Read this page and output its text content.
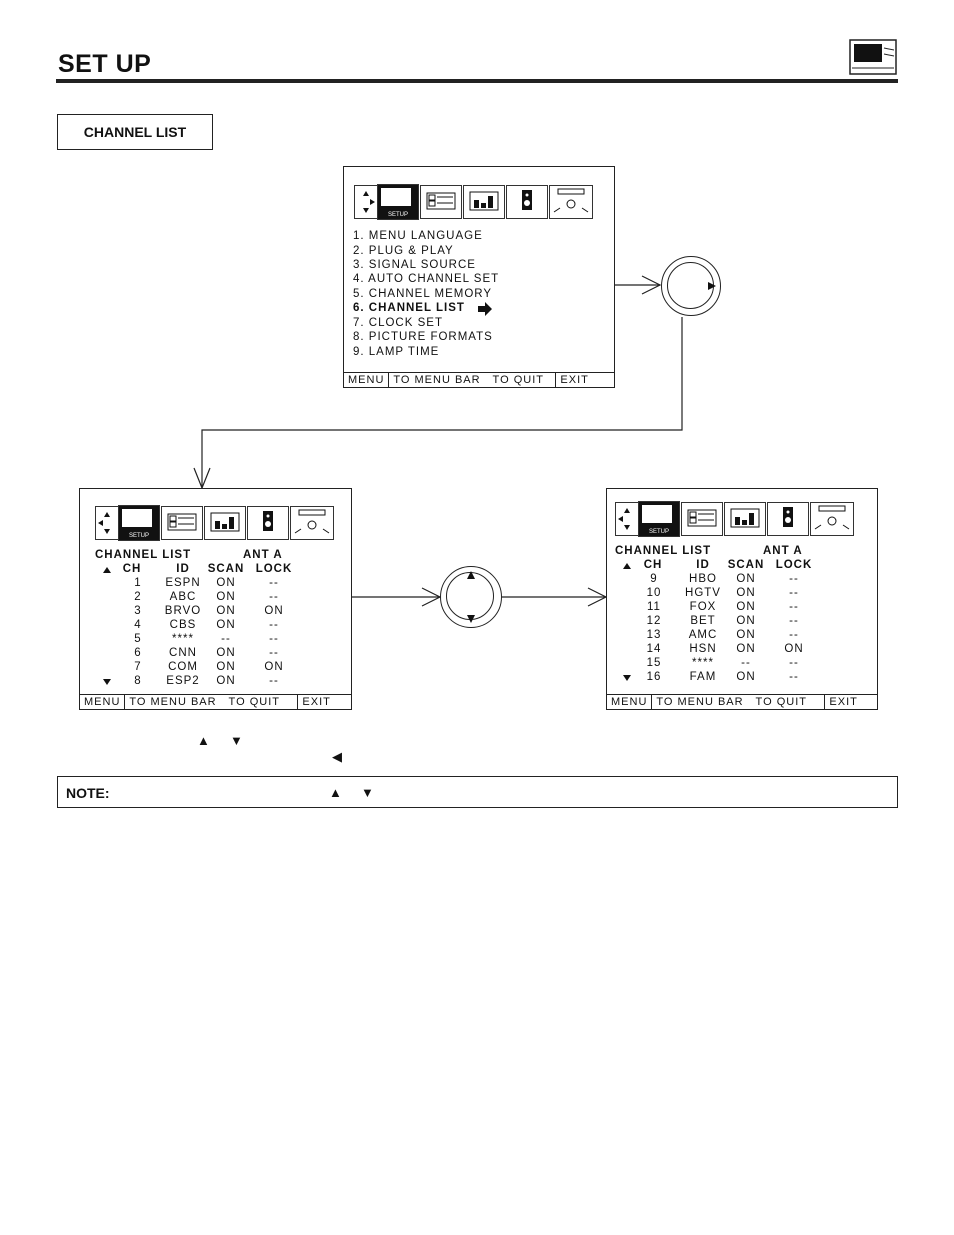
SET UP
CHANNEL LIST
SETUP
1. MENU LANGUAGE
2. PLUG & PLAY
3. SIGNAL SOURCE
4. AUTO CHANNEL SET
5. CHANNEL MEMORY
6. CHANNEL LIST
7. CLOCK SET
8. PICTURE FORMATS
9. LAMP TIME
MENU TO MENU BAR   TO QUIT	EXIT
SETUP
CHANNEL LIST	ANT A
CH	ID	SCAN LOCK
1	ESPN	ON	--
2	ABC	ON	--
3	BRVO	ON	ON
4	CBS	ON	--
5	****	--	--
6	CNN	ON	--
7	COM	ON	ON
8	ESP2	ON	--
MENU TO MENU BAR   TO QUIT	EXIT
SETUP
CHANNEL LIST	ANT A
CH	ID	SCAN LOCK
9	HBO	ON	--
10	HGTV	ON	--
11	FOX	ON	--
12	BET	ON	--
13	AMC	ON	--
14	HSN	ON	ON
15	****	--	--
16	FAM	ON	--
MENU TO MENU BAR   TO QUIT	EXIT
▲ ▼
◀
NOTE:	▲ ▼
